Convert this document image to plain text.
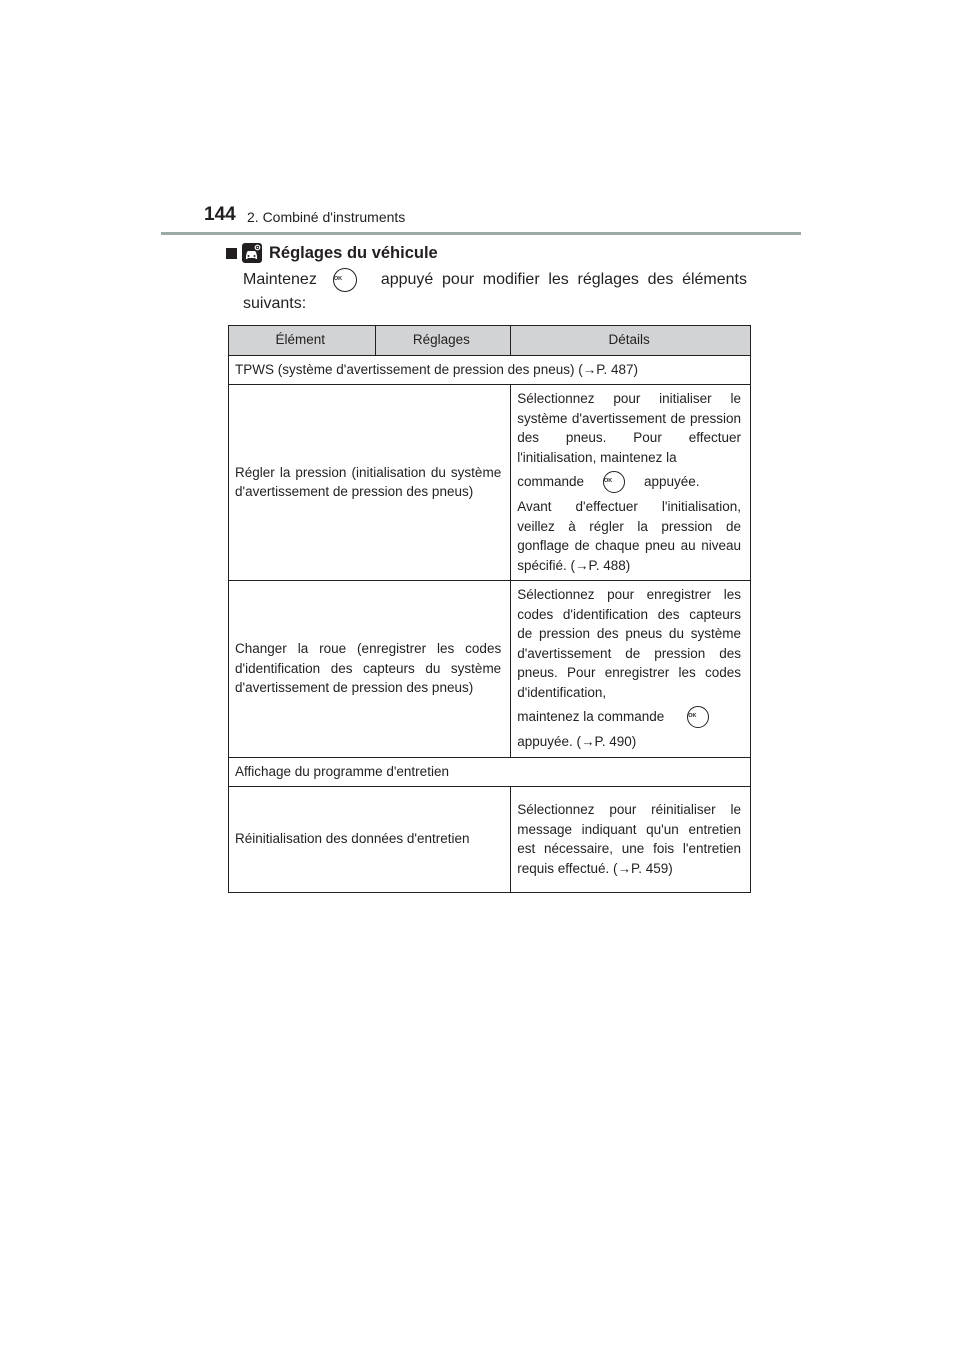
144 2. Combiné d'instruments
Réglages du véhicule
Maintenez	OK appuyé pour modifier les réglages des éléments suivants:
Élément	Réglages	Détails
TPWS (système d'avertissement de pression des pneus) (→P. 487)		
Régler la pression (initialisation du système d'avertissement de pression des pneus)		Sélectionnez pour initialiser le système d'avertissement de pression des pneus. Pour effectuer l'initialisation, maintenez la
commande OK appuyée.
Avant d'effectuer l'initialisation, veillez à régler la pression de gonflage de chaque pneu au niveau spécifié. (→P. 488)

Changer la roue (enregistrer les codes d'identification des capteurs du système d'avertissement de pression des pneus)		Sélectionnez pour enregistrer les codes d'identification des capteurs de pression des pneus du système d'avertissement de pression des pneus. Pour enregistrer les codes d'identification,
maintenez la commande OK
appuyée. (→P. 490)

Affichage du programme d'entretien		
Réinitialisation des données d'entretien		Sélectionnez pour réinitialiser le message indiquant qu'un entretien est nécessaire, une fois l'entretien requis effectué. (→P. 459)
